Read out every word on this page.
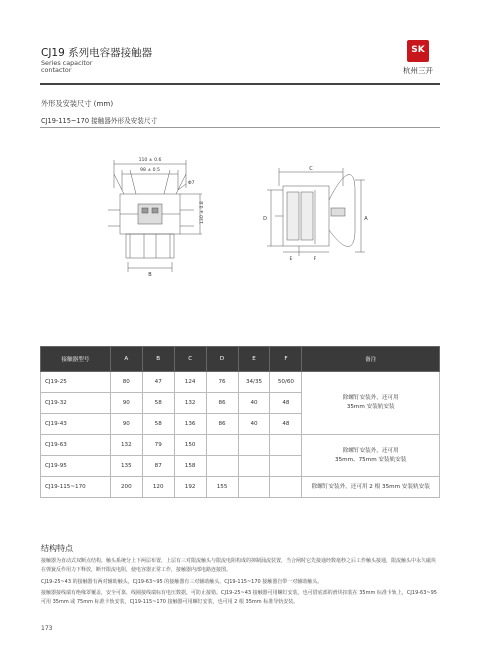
CJ19 系列电容器接触器
Series capacitor
contactor
SK
杭州三开
外形及安装尺寸 (mm)
CJ19-115~170 接触器外形及安装尺寸
110 ± 0.6
98 ± 0.5
Φ7
130 ± 0.8
B
C
D	A
E	F
接触器型号	A	B	C	D	E	F	备注
CJ19-25	80	47	124	76	34/35	50/60	除螺钉安装外，还可用
35mm 安装轨安装

CJ19-32	90	58	132	86	40	48	
CJ19-43	90	58	136	86	40	48	
CJ19-63	132	79	150				除螺钉安装外，还可用
35mm、75mm 安装轨安装

CJ19-95	135	87	158				
CJ19-115~170	200	120	192	155			除螺钉安装外，还可用 2 根 35mm 安装轨安装
结构特点
接触器为直动式双断点结构，触头系统分上下两层布置，上层有三对限流触头与限流电阻构成的抑制涌流装置，当合闸时它先接通经数毫秒之后工作触头接通，限流触头中永久磁块在弹簧反作用力下释放，断开限流电阻，使电容器正常工作，接触器内部电路连接图。
CJ19-25~43 的接触器有两对辅助触头，CJ19-63~95 的接触器有三对辅助触头，CJ19-115~170 接触器自带一对辅助触头。
接触器接线端有绝缘罩覆盖，安全可靠，线圈接线端标有电压数据，可防止接错。CJ19-25~43 接触器可用螺钉安装，也可借底部的滑块扣装在 35mm 标准卡轨上，CJ19-63~95 可用 35mm 或 75mm 标准卡轨安装，CJ19-115~170 接触器可用螺钉安装，也可用 2 根 35mm 标准导轨安装。
173
